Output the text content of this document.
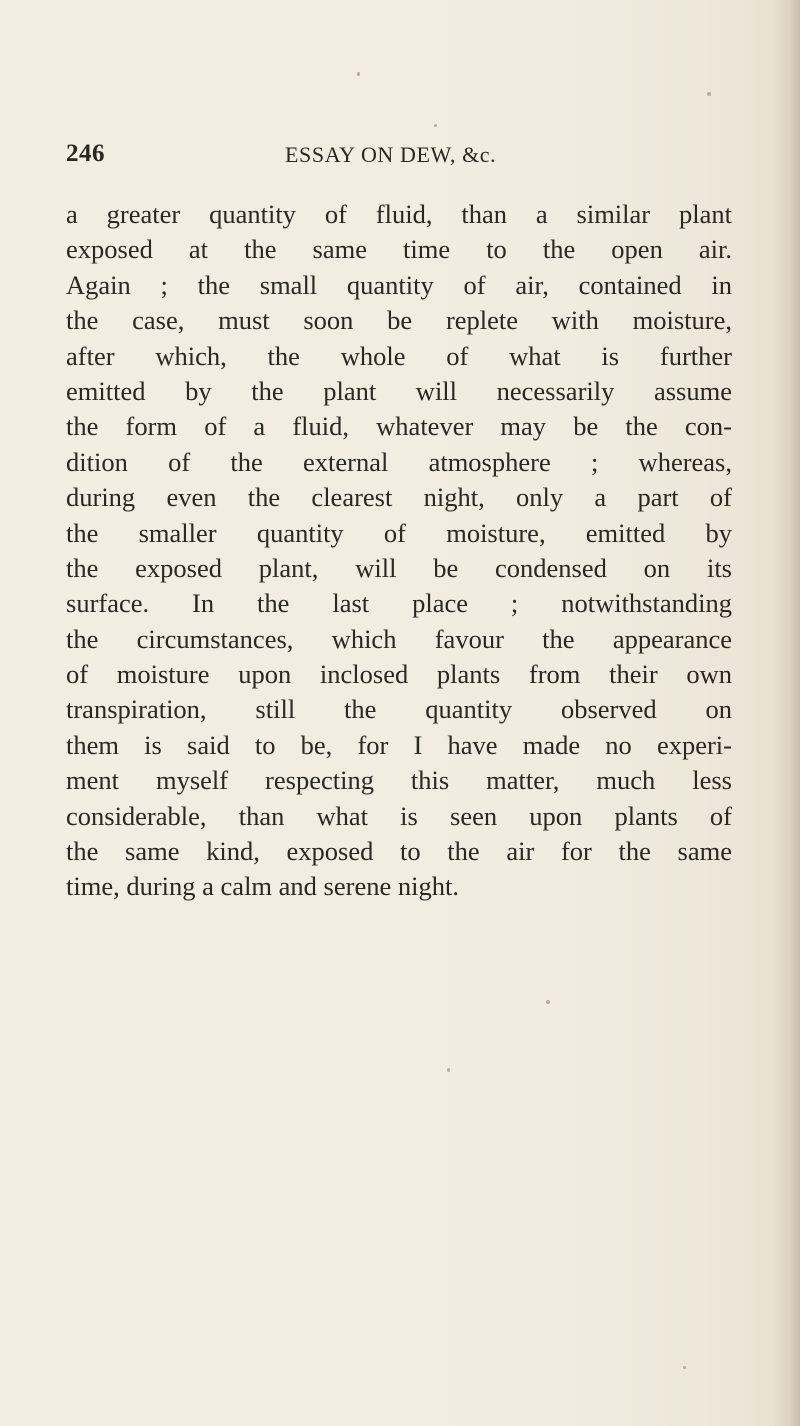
246	ESSAY ON DEW, &c.
a greater quantity of fluid, than a similar plant
exposed at the same time to the open air.
Again ; the small quantity of air, contained in
the case, must soon be replete with moisture,
after which, the whole of what is further
emitted by the plant will necessarily assume
the form of a fluid, whatever may be the con-
dition of the external atmosphere ; whereas,
during even the clearest night, only a part of
the smaller quantity of moisture, emitted by
the exposed plant, will be condensed on its
surface. In the last place ; notwithstanding
the circumstances, which favour the appearance
of moisture upon inclosed plants from their own
transpiration, still the quantity observed on
them is said to be, for I have made no experi-
ment myself respecting this matter, much less
considerable, than what is seen upon plants of
the same kind, exposed to the air for the same
time, during a calm and serene night.
